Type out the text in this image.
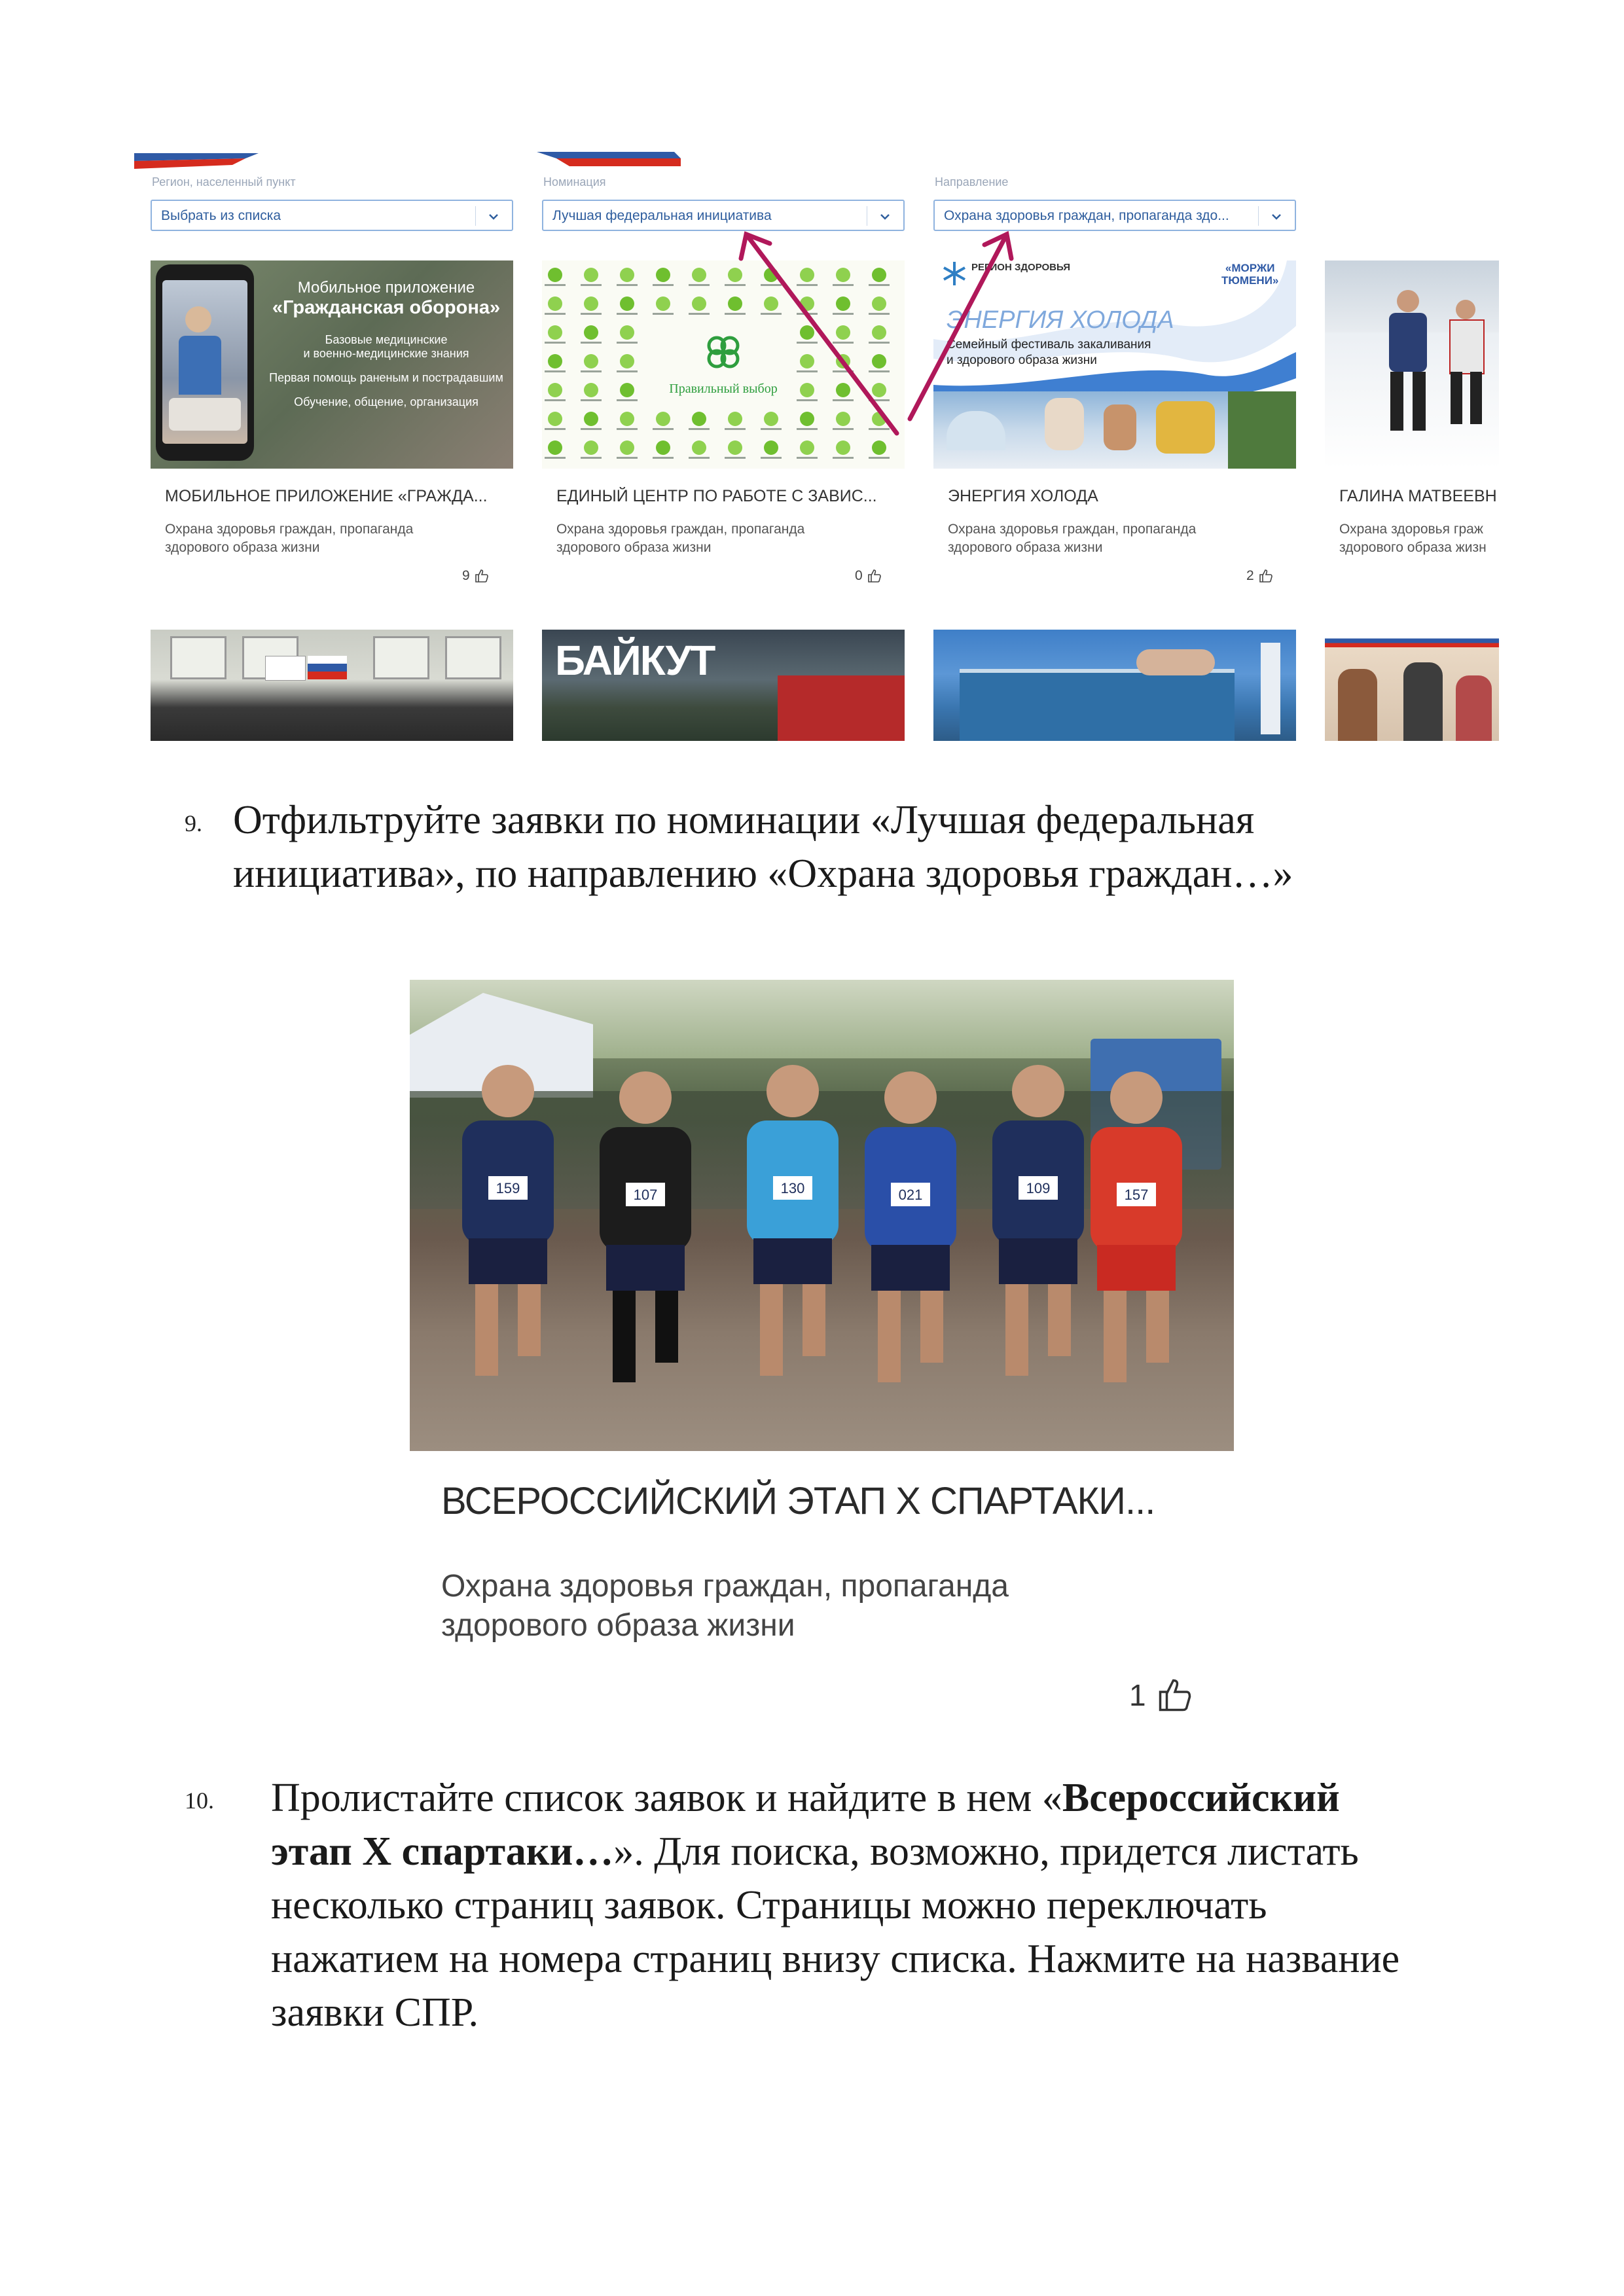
Регион, населенный пункт	Номинация	Направление
Выбрать из списка	Лучшая федеральная инициатива	Охрана здоровья граждан, пропаганда здо...
Мобильное приложение
«Гражданская оборона»
Базовые медицинские
и военно-медицинские знания
Первая помощь раненым и пострадавшим
Обучение, общение, организация
Правильный выбор
РЕГИОН ЗДОРОВЬЯ	«МОРЖИ
ТЮМЕНИ»
ЭНЕРГИЯ ХОЛОДА
Семейный фестиваль закаливания
и здорового образа жизни
МОБИЛЬНОЕ ПРИЛОЖЕНИЕ «ГРАЖДА...
Охрана здоровья граждан, пропаганда
здорового образа жизни
9
ЕДИНЫЙ ЦЕНТР ПО РАБОТЕ С ЗАВИС...
Охрана здоровья граждан, пропаганда
здорового образа жизни
0
ЭНЕРГИЯ ХОЛОДА
Охрана здоровья граждан, пропаганда
здорового образа жизни
2
ГАЛИНА МАТВЕЕВН
Охрана здоровья граж
здорового образа жизн
БАЙКУТ
9. Отфильтруйте заявки по номинации «Лучшая федеральная
инициатива», по направлению «Охрана здоровья граждан…»
159	107	130	021	109	157
ВСЕРОССИЙСКИЙ ЭТАП Х СПАРТАКИ...
Охрана здоровья граждан, пропаганда
здорового образа жизни
1
10. Пролистайте список заявок и найдите в нем «Всероссийский
этап Х спартаки…». Для поиска, возможно, придется листать
несколько страниц заявок. Страницы можно переключать
нажатием на номера страниц внизу списка. Нажмите на название
заявки СПР.
